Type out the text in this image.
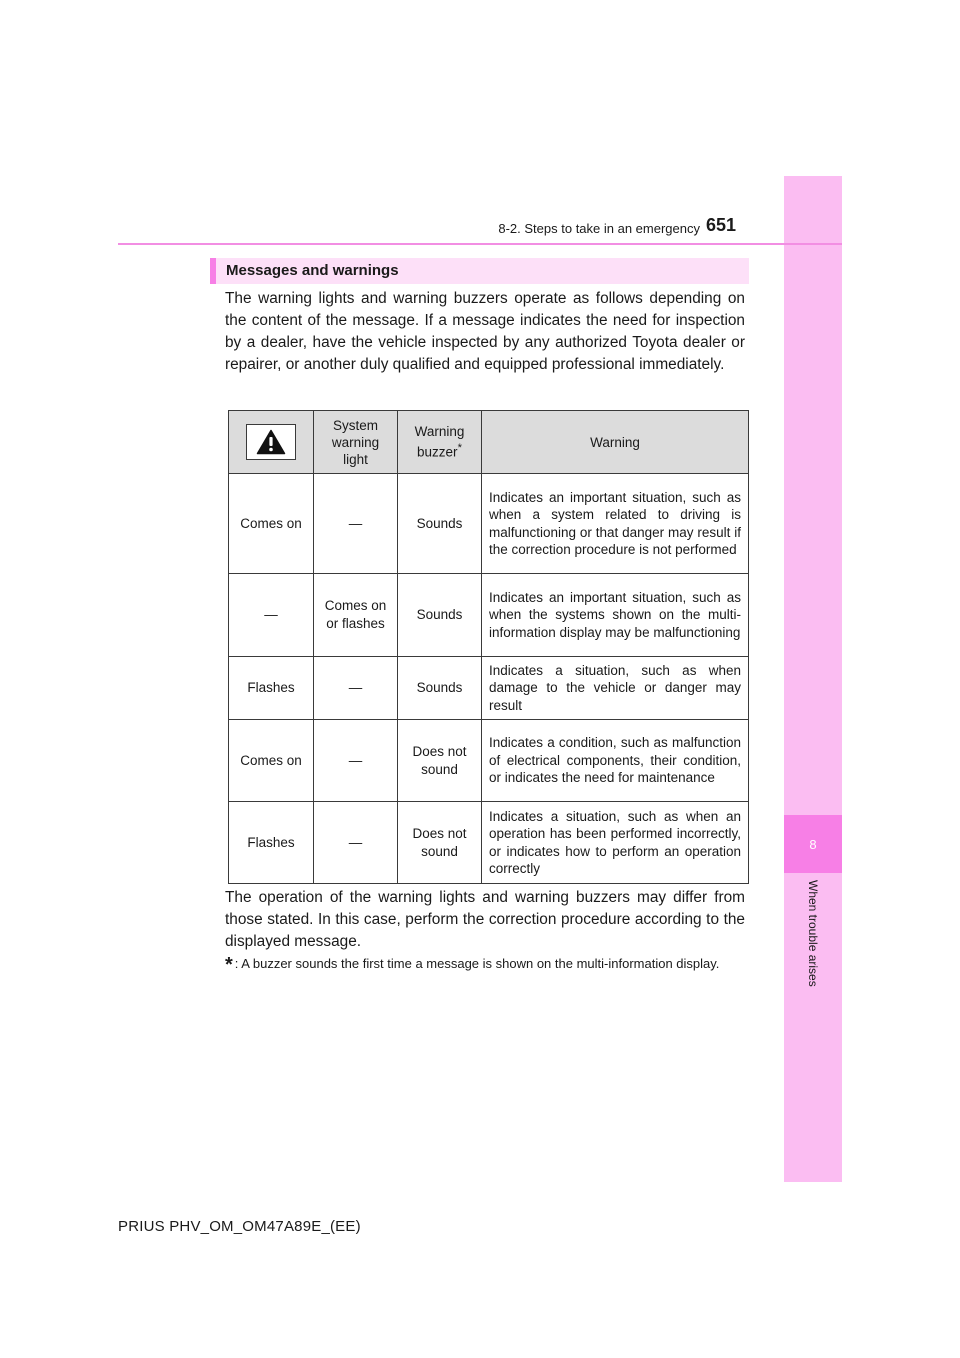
8
When trouble arises
8-2. Steps to take in an emergency 651
Messages and warnings

The warning lights and warning buzzers operate as follows depending on the content of the message. If a message indicates the need for inspection by a dealer, have the vehicle inspected by any authorized Toyota dealer or repairer, or another duly qualified and equipped professional immediately.

	System warning light	Warning buzzer*	Warning
Comes on	—	Sounds	Indicates an important situation, such as when a system related to driving is malfunctioning or that danger may result if the correction procedure is not performed
—	Comes on or flashes	Sounds	Indicates an important situation, such as when the systems shown on the multi-information display may be malfunctioning
Flashes	—	Sounds	Indicates a situation, such as when damage to the vehicle or danger may result
Comes on	—	Does not sound	Indicates a condition, such as malfunction of electrical components, their condition, or indicates the need for maintenance
Flashes	—	Does not sound	Indicates a situation, such as when an operation has been performed incorrectly, or indicates how to perform an operation correctly

The operation of the warning lights and warning buzzers may differ from those stated. In this case, perform the correction procedure according to the displayed message.

* : A buzzer sounds the first time a message is shown on the multi-information display.
PRIUS PHV_OM_OM47A89E_(EE)
